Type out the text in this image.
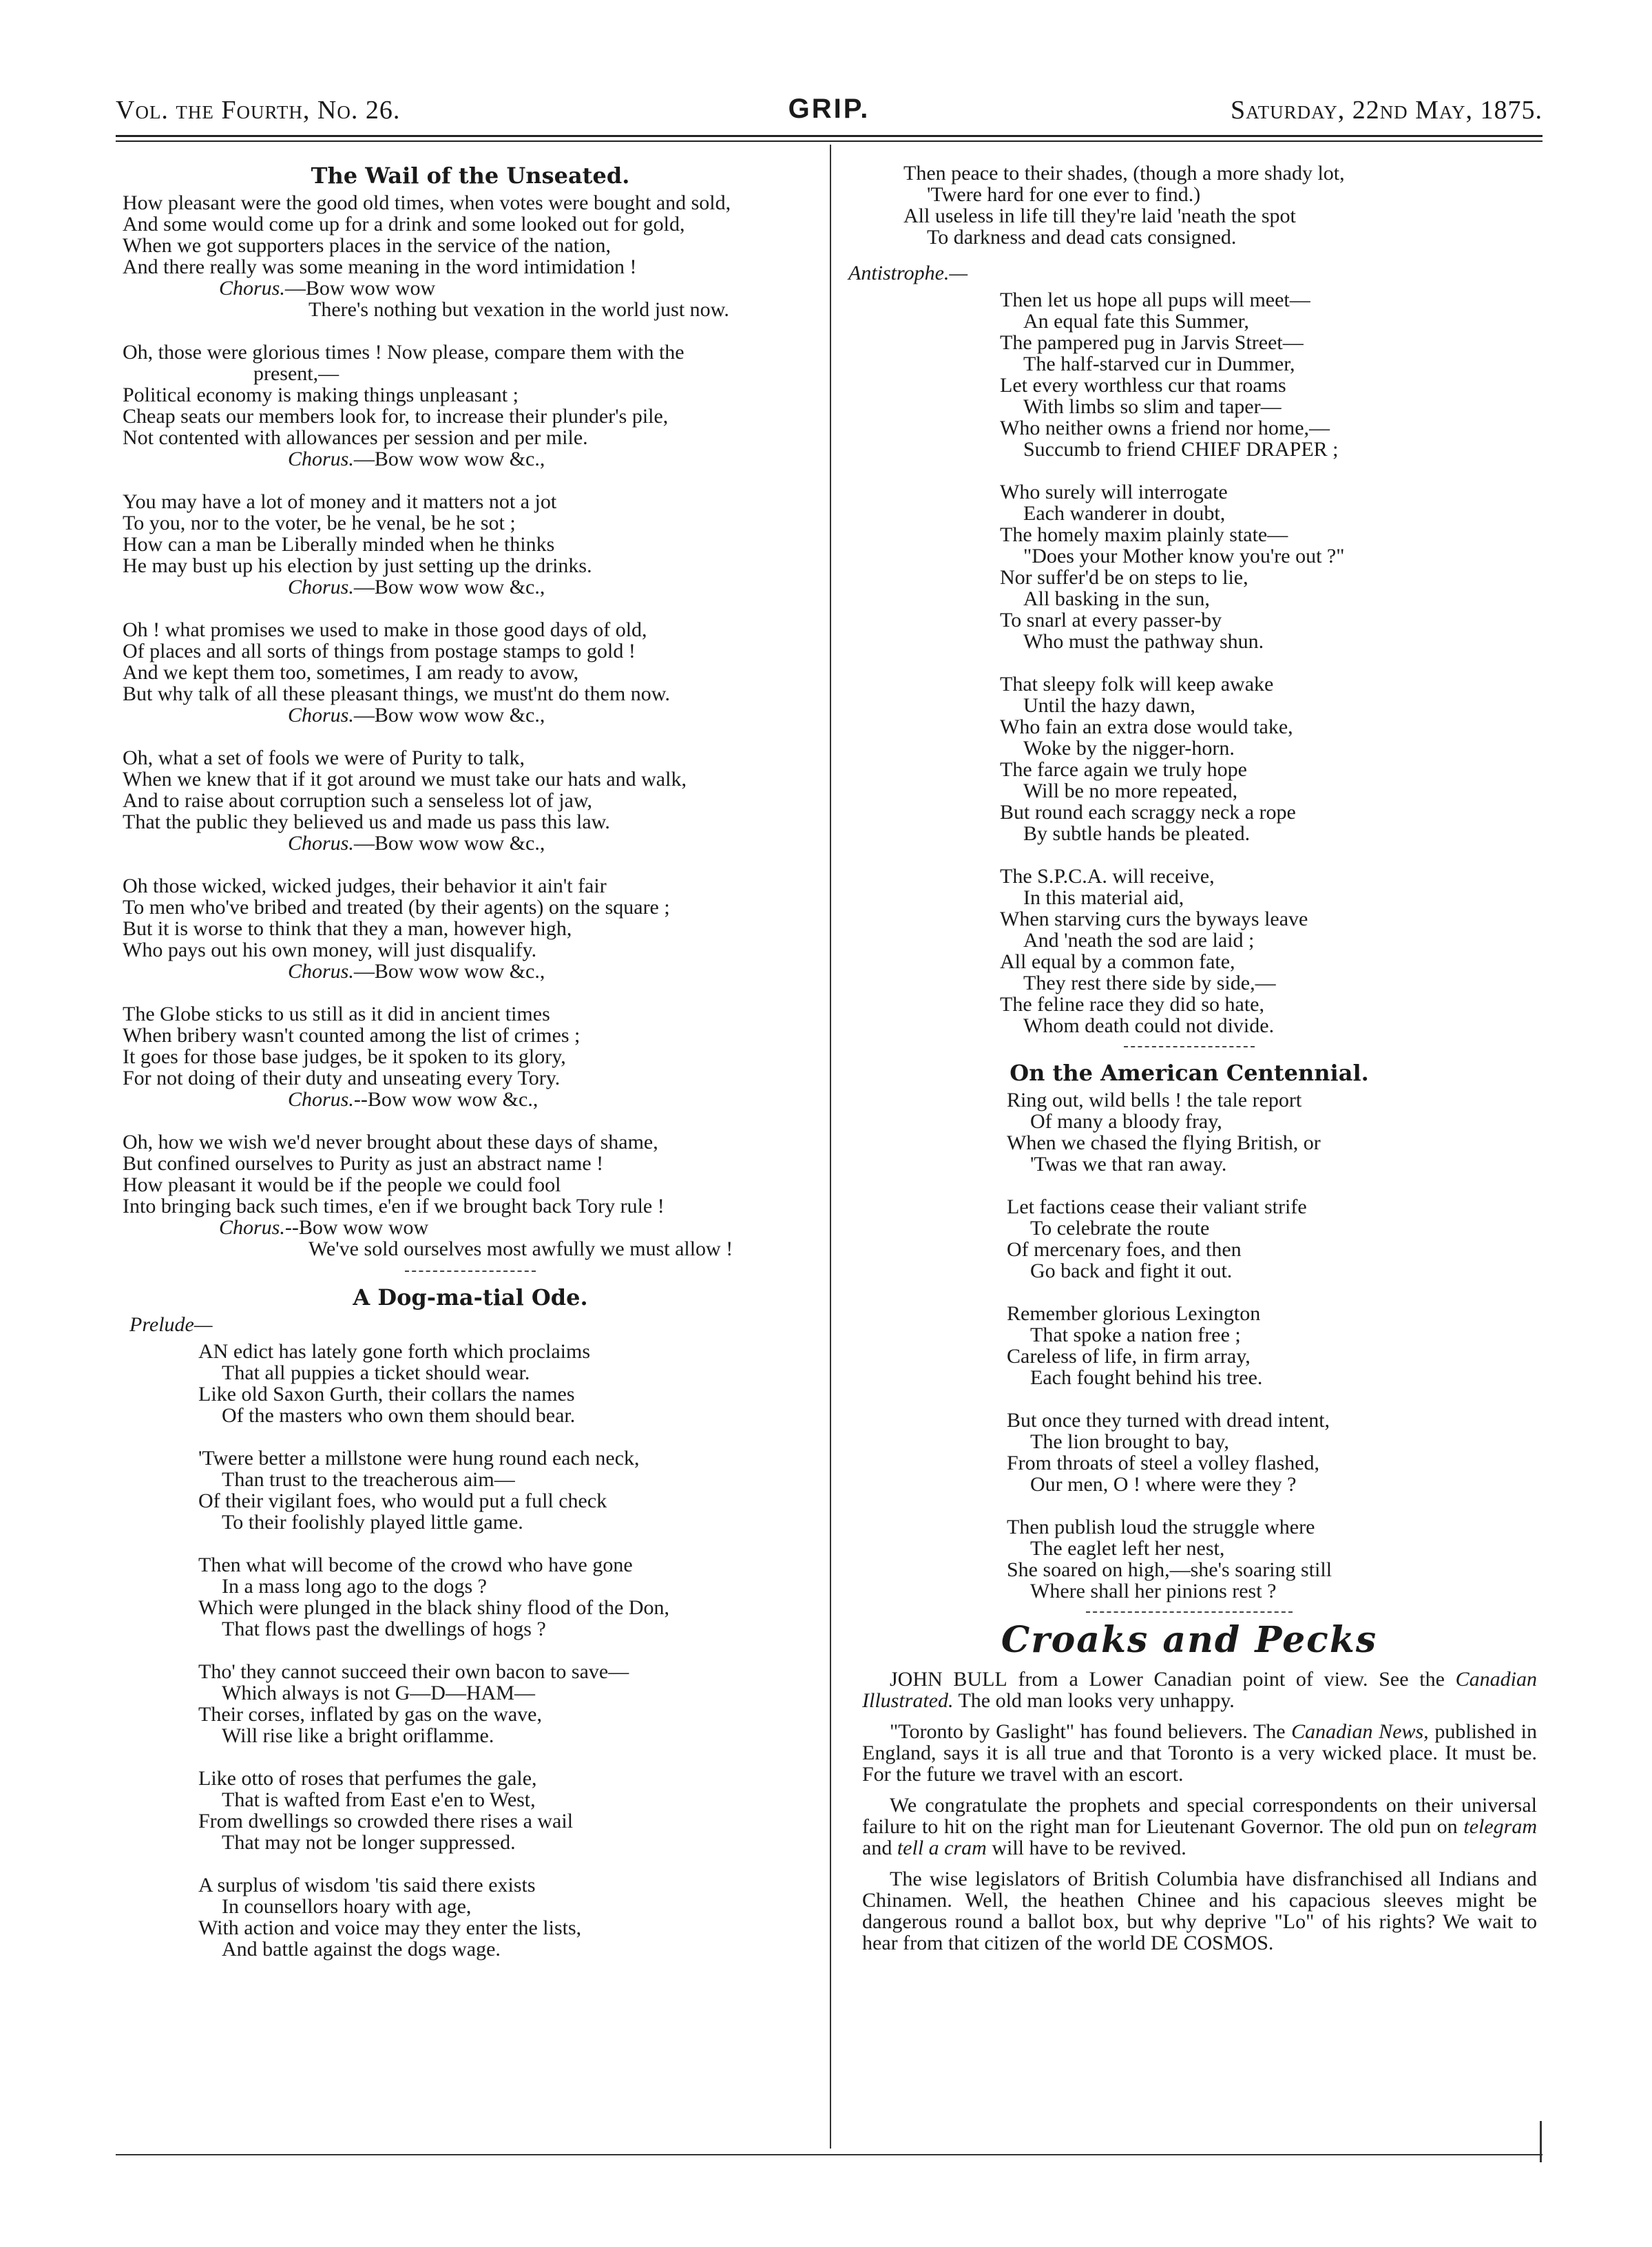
Vol. the Fourth, No. 26.	GRIP.	Saturday, 22nd May, 1875.
The Wail of the Unseated.
How pleasant were the good old times, when votes were bought and sold,
And some would come up for a drink and some looked out for gold,
When we got supporters places in the service of the nation,
And there really was some meaning in the word intimidation !
Chorus.—Bow wow wow
There's nothing but vexation in the world just now.
Oh, those were glorious times ! Now please, compare them with the
present,—
Political economy is making things unpleasant ;
Cheap seats our members look for, to increase their plunder's pile,
Not contented with allowances per session and per mile.
Chorus.—Bow wow wow &c.,
You may have a lot of money and it matters not a jot
To you, nor to the voter, be he venal, be he sot ;
How can a man be Liberally minded when he thinks
He may bust up his election by just setting up the drinks.
Chorus.—Bow wow wow &c.,
Oh ! what promises we used to make in those good days of old,
Of places and all sorts of things from postage stamps to gold !
And we kept them too, sometimes, I am ready to avow,
But why talk of all these pleasant things, we must'nt do them now.
Chorus.—Bow wow wow &c.,
Oh, what a set of fools we were of Purity to talk,
When we knew that if it got around we must take our hats and walk,
And to raise about corruption such a senseless lot of jaw,
That the public they believed us and made us pass this law.
Chorus.—Bow wow wow &c.,
Oh those wicked, wicked judges, their behavior it ain't fair
To men who've bribed and treated (by their agents) on the square ;
But it is worse to think that they a man, however high,
Who pays out his own money, will just disqualify.
Chorus.—Bow wow wow &c.,
The Globe sticks to us still as it did in ancient times
When bribery wasn't counted among the list of crimes ;
It goes for those base judges, be it spoken to its glory,
For not doing of their duty and unseating every Tory.
Chorus.--Bow wow wow &c.,
Oh, how we wish we'd never brought about these days of shame,
But confined ourselves to Purity as just an abstract name !
How pleasant it would be if the people we could fool
Into bringing back such times, e'en if we brought back Tory rule !
Chorus.--Bow wow wow
We've sold ourselves most awfully we must allow !
A Dog-ma-tial Ode.
Prelude—
AN edict has lately gone forth which proclaims
That all puppies a ticket should wear.
Like old Saxon Gurth, their collars the names
Of the masters who own them should bear.
'Twere better a millstone were hung round each neck,
Than trust to the treacherous aim—
Of their vigilant foes, who would put a full check
To their foolishly played little game.
Then what will become of the crowd who have gone
In a mass long ago to the dogs ?
Which were plunged in the black shiny flood of the Don,
That flows past the dwellings of hogs ?
Tho' they cannot succeed their own bacon to save—
Which always is not G—D—HAM—
Their corses, inflated by gas on the wave,
Will rise like a bright oriflamme.
Like otto of roses that perfumes the gale,
That is wafted from East e'en to West,
From dwellings so crowded there rises a wail
That may not be longer suppressed.
A surplus of wisdom 'tis said there exists
In counsellors hoary with age,
With action and voice may they enter the lists,
And battle against the dogs wage.
Then peace to their shades, (though a more shady lot,
'Twere hard for one ever to find.)
All useless in life till they're laid 'neath the spot
To darkness and dead cats consigned.
Antistrophe.—
Then let us hope all pups will meet—
An equal fate this Summer,
The pampered pug in Jarvis Street—
The half-starved cur in Dummer,
Let every worthless cur that roams
With limbs so slim and taper—
Who neither owns a friend nor home,—
Succumb to friend CHIEF DRAPER ;
Who surely will interrogate
Each wanderer in doubt,
The homely maxim plainly state—
"Does your Mother know you're out ?"
Nor suffer'd be on steps to lie,
All basking in the sun,
To snarl at every passer-by
Who must the pathway shun.
That sleepy folk will keep awake
Until the hazy dawn,
Who fain an extra dose would take,
Woke by the nigger-horn.
The farce again we truly hope
Will be no more repeated,
But round each scraggy neck a rope
By subtle hands be pleated.
The S.P.C.A. will receive,
In this material aid,
When starving curs the byways leave
And 'neath the sod are laid ;
All equal by a common fate,
They rest there side by side,—
The feline race they did so hate,
Whom death could not divide.
On the American Centennial.
Ring out, wild bells ! the tale report
Of many a bloody fray,
When we chased the flying British, or
'Twas we that ran away.
Let factions cease their valiant strife
To celebrate the route
Of mercenary foes, and then
Go back and fight it out.
Remember glorious Lexington
That spoke a nation free ;
Careless of life, in firm array,
Each fought behind his tree.
But once they turned with dread intent,
The lion brought to bay,
From throats of steel a volley flashed,
Our men, O ! where were they ?
Then publish loud the struggle where
The eaglet left her nest,
She soared on high,—she's soaring still
Where shall her pinions rest ?
Croaks and Pecks
JOHN BULL from a Lower Canadian point of view. See the Canadian Illustrated. The old man looks very unhappy.
"Toronto by Gaslight" has found believers. The Canadian News, published in England, says it is all true and that Toronto is a very wicked place. It must be. For the future we travel with an escort.
We congratulate the prophets and special correspondents on their universal failure to hit on the right man for Lieutenant Governor. The old pun on telegram and tell a cram will have to be revived.
The wise legislators of British Columbia have disfranchised all Indians and Chinamen. Well, the heathen Chinee and his capacious sleeves might be dangerous round a ballot box, but why deprive "Lo" of his rights? We wait to hear from that citizen of the world DE COSMOS.
